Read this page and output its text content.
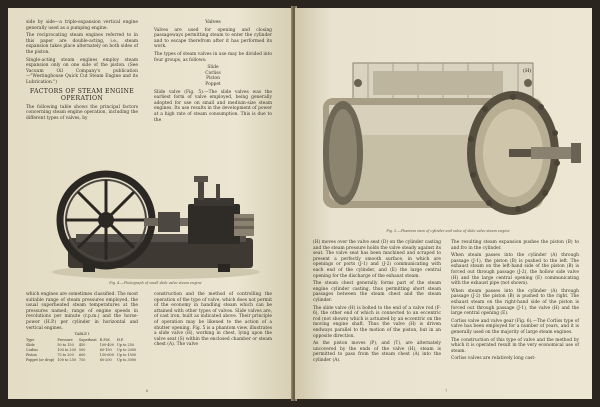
side by side—a triple-expansion vertical engine generally used as a pumping engine.

The reciprocating steam engines referred to in this paper are double-acting, i.e., steam expansion takes place alternately on both sides of the piston.

Single-acting steam engines employ steam expansion only on one side of the piston. (See Vacuum Oil Company's publication—"Westinghouse Quick Cut Steam Engine and its Lubrication.")

FACTORS OF STEAM ENGINE OPERATION

The following table shows the principal factors concerning steam engine operation, including the different types of valves, by

Valves

Valves are used for opening and closing passageways permitting steam to enter the cylinder and to escape therefrom after it has performed its work.

The types of steam valves in use may be divided into four groups, as follows:

Slide
Corliss
Piston
Poppet

Slide valve (Fig. 5).—The slide valves was the earliest form of valve employed, being generally adopted for use on small and medium-size steam engines. Its use results in the development of power at a high rate of steam consumption. This is due to the

Fig. 4.—Photograph of small slide valve steam engine

which engines are sometimes classified. The most suitable range of steam pressures employed, the usual superheated steam temperatures at the pressures named; range of engine speeds in revolutions per minute (r.p.m.) and the horse-power (H.P.) per cylinder in horizontal and vertical engines.

TABLE I
Type	Pressure	Superheat	R.P.M.	H.P.
Slide	50 to 150	450	100-400	Up to 250
Corliss	100 to 200	500	60-150	Up to 2000
Piston	75 to 200	600	150-600	Up to 1500
Poppet (or drop)	100 to 250	750	60-200	Up to 3000

construction and the method of controlling the operation of the type of valve, which does not permit of the economy in handling steam which can be attained with other types of valves. Slide valves are, of cast iron, built as indicated above. Their principle of operation may be likened to the action of a shutter opening. Fig. 5 is a phantom view, illustrates a slide valve (H), working in chest, lying upon the valve seat (S) within the enclosed chamber or steam chest (A). The valve

6
(H)
Fig. 5.—Phantom view of cylinder and valve of slide valve steam engine

(H) moves over the valve seat (D) on the cylinder casting and the steam pressure holds the valve steady against its seat. The valve seat has been machined and scraped to present a perfectly smooth surface, in which are openings or ports (J-1) and (J-2) communicating with each end of the cylinder, and (E) the large central opening for the discharge of the exhaust steam.

The steam chest generally forms part of the steam engine cylinder casting, thus permitting short steam passages between the steam chest and the steam cylinder.

The slide valve (H) is bolted to the end of a valve rod (F-6), the other end of which is connected to an eccentric rod (not shown) which is actuated by an eccentric on the moving engine shaft. Thus the valve (H) is driven endways parallel to the motion of the piston, but in an opposite direction.

As the piston moves (P), and (T), are alternately uncovered by the ends of the valve (H), steam is permitted to pass from the steam chest (A) into the cylinder (A).

The resulting steam expansion pushes the piston (B) to and fro in the cylinder.

When steam passes into the cylinder (A) through passage (J-1), the piston (B) is pushed to the left. The exhaust steam on the left-hand side of the piston (B) is forced out through passage (J-2), the hollow side valve (H) and the large central opening (E) communicating with the exhaust pipe (not shown).

When steam passes into the cylinder (A) through passage (J-2) the piston (B) is pushed to the right. The exhaust steam on the right-hand side of the piston is forced out through passage (J-1), the valve (H) and the large central opening (E).

Corliss valve and valve gear (Fig. 6).—The Corliss type of valve has been employed for a number of years, and it is generally used on the majority of large steam engines.

The construction of this type of valve and the method by which it is operated result in the very economical use of steam.

Corliss valves are relatively long cast-

7
